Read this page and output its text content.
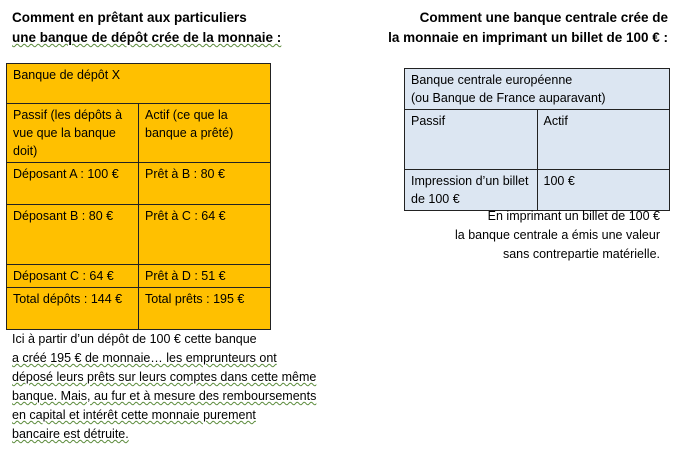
Comment en prêtant aux particuliers
une banque de dépôt crée de la monnaie :
Comment une banque centrale crée de
la monnaie en imprimant un billet de 100 € :
Banque de dépôt X	
Passif (les dépôts à vue que la banque doit)	Actif (ce que la banque a prêté)
Déposant A : 100 €	Prêt à B : 80 €
Déposant B : 80 €	Prêt à C : 64 €
Déposant C : 64 €	Prêt à D : 51 €
Total dépôts : 144 €	Total prêts : 195 €
Banque centrale européenne
(ou Banque de France auparavant)	

Passif	Actif
Impression d’un billet de 100 €	100 €
En imprimant un billet de 100 €
la banque centrale a émis une valeur
sans contrepartie matérielle.
Ici à partir d’un dépôt de 100 € cette banque
a créé 195 € de monnaie… les emprunteurs ont
déposé leurs prêts sur leurs comptes dans cette même
banque. Mais, au fur et à mesure des remboursements
en capital et intérêt cette monnaie purement
bancaire est détruite.
